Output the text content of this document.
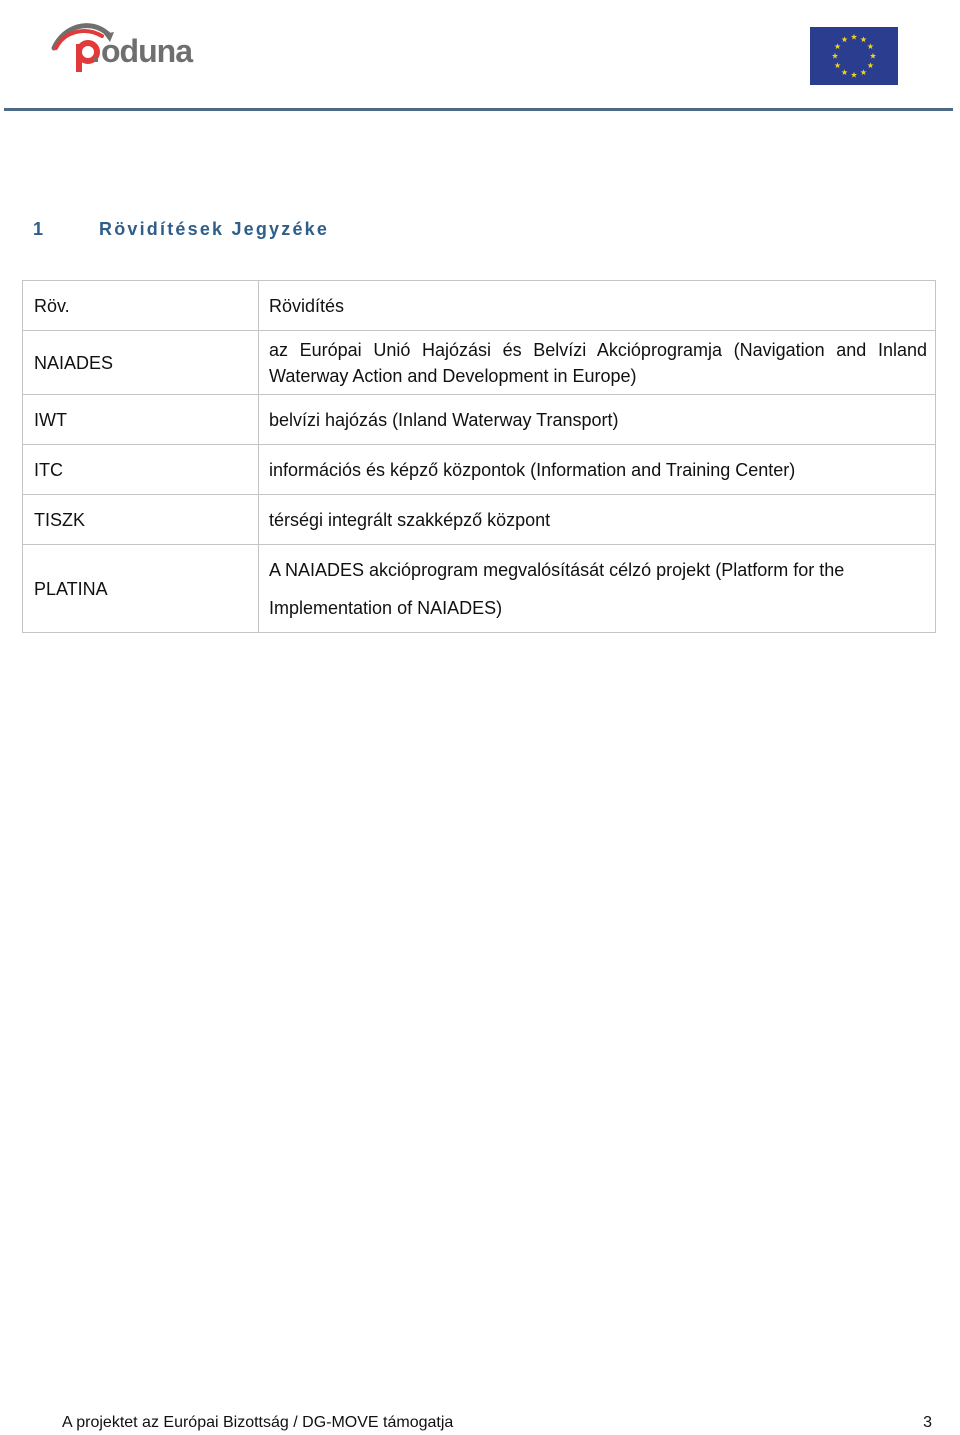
oduna
produna
1	Rövidítések Jegyzéke
Röv.	Rövidítés
NAIADES	az Európai Unió Hajózási és Belvízi Akcióprogramja (Navigation and Inland Waterway Action and Development in Europe)
IWT	belvízi hajózás (Inland Waterway Transport)
ITC	információs és képző központok (Information and Training Center)
TISZK	térségi integrált szakképző központ
PLATINA	A NAIADES akcióprogram megvalósítását célzó projekt (Platform for the Implementation of NAIADES)
A projektet az Európai Bizottság / DG-MOVE támogatja	3
